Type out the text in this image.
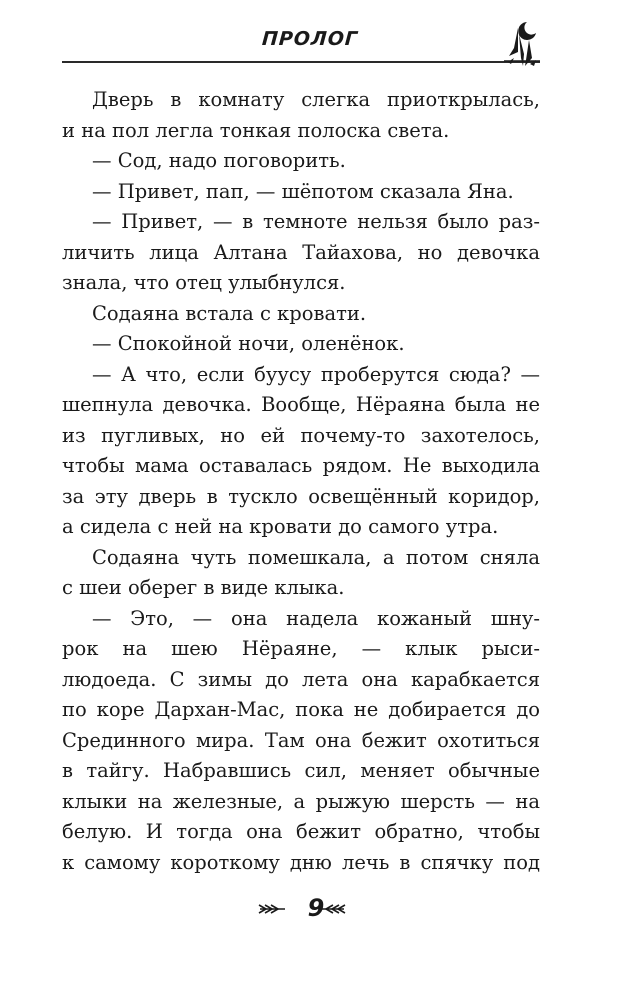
ПРОЛОГ
Дверь в комнату слегка приоткрылась,
и на пол легла тонкая полоска света.
— Сод, надо поговорить.
— Привет, пап, — шёпотом сказала Яна.
— Привет, — в темноте нельзя было раз-
личить лица Алтана Тайахова, но девочка
знала, что отец улыбнулся.
Содаяна встала с кровати.
— Спокойной ночи, оленёнок.
— А что, если буусу проберутся сюда? —
шепнула девочка. Вообще, Нёраяна была не
из пугливых, но ей почему-то захотелось,
чтобы мама оставалась рядом. Не выходила
за эту дверь в тускло освещённый коридор,
а сидела с ней на кровати до самого утра.
Содаяна чуть помешкала, а потом сняла
с шеи оберег в виде клыка.
— Это, — она надела кожаный шну-
рок на шею Нёраяне, — клык рыси-
людоеда. С зимы до лета она карабкается
по коре Дархан-Мас, пока не добирается до
Срединного мира. Там она бежит охотиться
в тайгу. Набравшись сил, меняет обычные
клыки на железные, а рыжую шерсть — на
белую. И тогда она бежит обратно, чтобы
к самому короткому дню лечь в спячку под
9
